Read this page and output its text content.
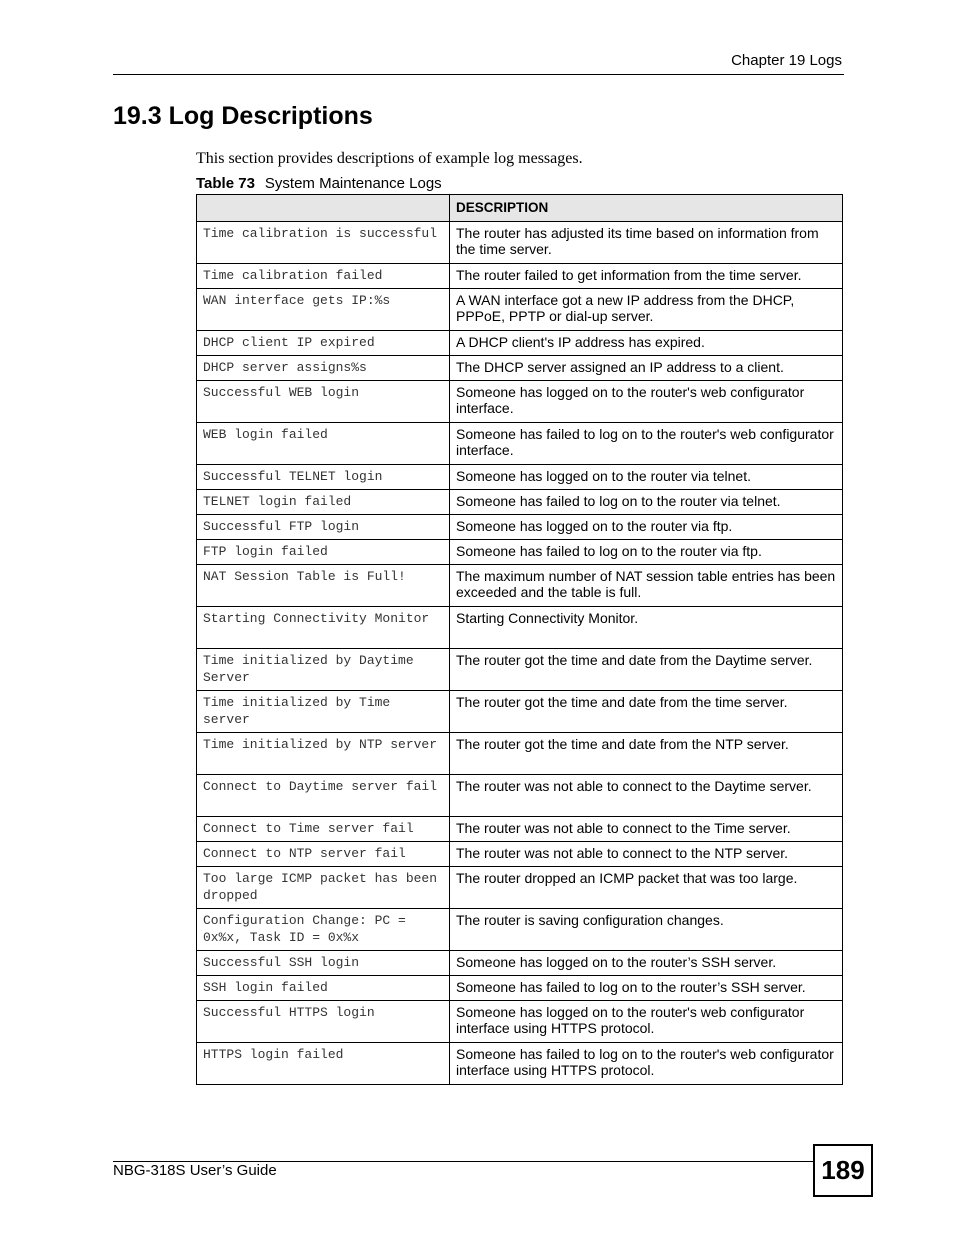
Chapter 19 Logs
19.3 Log Descriptions
This section provides descriptions of example log messages.
Table 73 System Maintenance Logs
	DESCRIPTION
Time calibration is successful	The router has adjusted its time based on information from the time server.
Time calibration failed	The router failed to get information from the time server.
WAN interface gets IP:%s	A WAN interface got a new IP address from the DHCP, PPPoE, PPTP or dial-up server.
DHCP client IP expired	A DHCP client's IP address has expired.
DHCP server assigns%s	The DHCP server assigned an IP address to a client.
Successful WEB login	Someone has logged on to the router's web configurator interface.
WEB login failed	Someone has failed to log on to the router's web configurator interface.
Successful TELNET login	Someone has logged on to the router via telnet.
TELNET login failed	Someone has failed to log on to the router via telnet.
Successful FTP login	Someone has logged on to the router via ftp.
FTP login failed	Someone has failed to log on to the router via ftp.
NAT Session Table is Full!	The maximum number of NAT session table entries has been exceeded and the table is full.
Starting Connectivity Monitor	Starting Connectivity Monitor.
Time initialized by Daytime Server	The router got the time and date from the Daytime server.
Time initialized by Time server	The router got the time and date from the time server.
Time initialized by NTP server	The router got the time and date from the NTP server.
Connect to Daytime server fail	The router was not able to connect to the Daytime server.
Connect to Time server fail	The router was not able to connect to the Time server.
Connect to NTP server fail	The router was not able to connect to the NTP server.
Too large ICMP packet has been dropped	The router dropped an ICMP packet that was too large.
Configuration Change: PC = 0x%x, Task ID = 0x%x	The router is saving configuration changes.
Successful SSH login	Someone has logged on to the router’s SSH server.
SSH login failed	Someone has failed to log on to the router’s SSH server.
Successful HTTPS login	Someone has logged on to the router's web configurator interface using HTTPS protocol.
HTTPS login failed	Someone has failed to log on to the router's web configurator interface using HTTPS protocol.
NBG-318S User’s Guide	189
